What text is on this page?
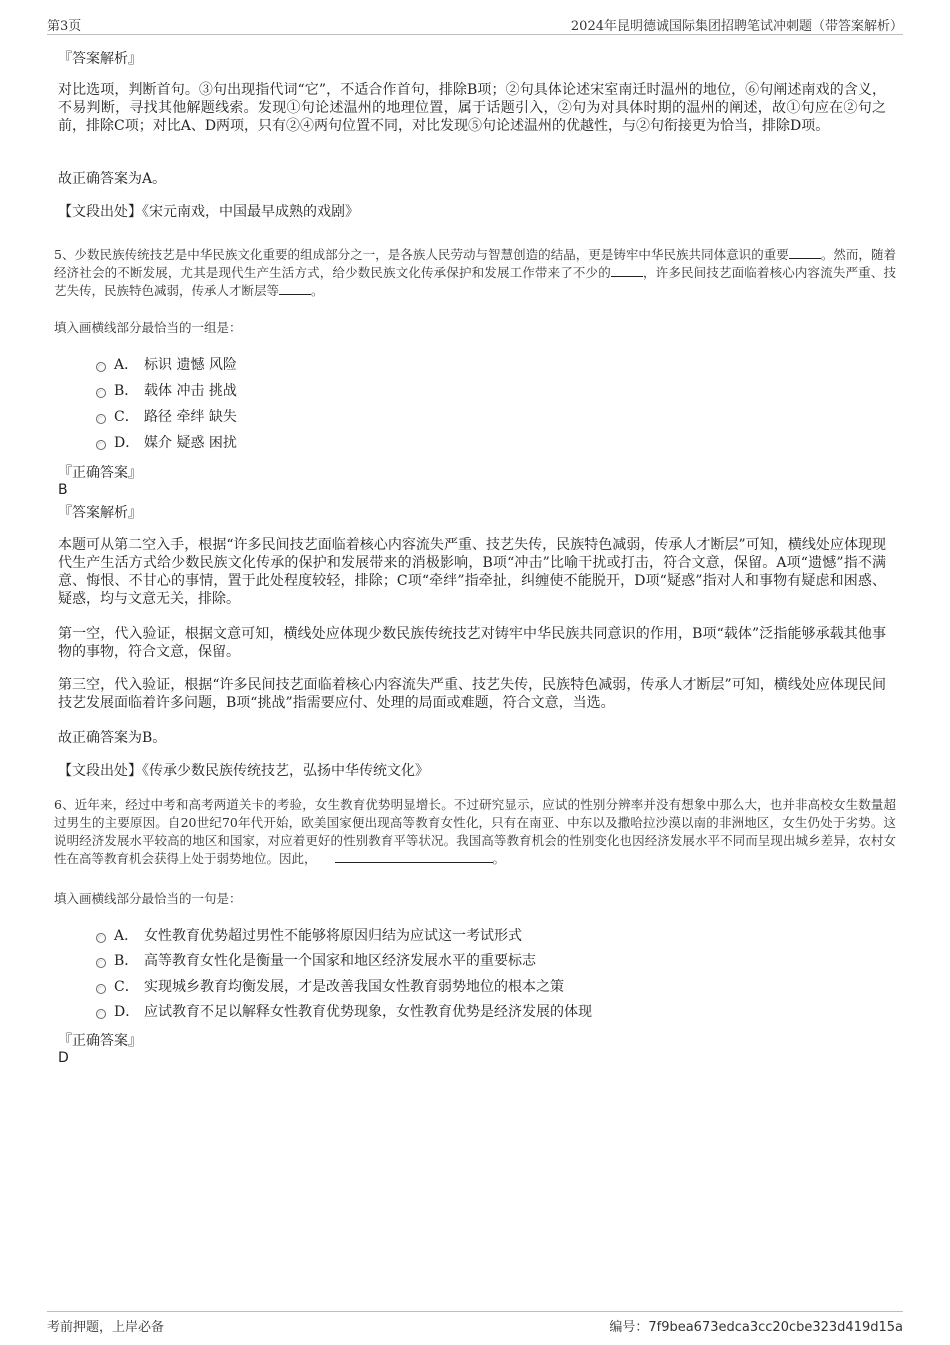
第3页	2024年昆明德诚国际集团招聘笔试冲刺题（带答案解析）
『答案解析』
对比选项，判断首句。③句出现指代词“它”，不适合作首句，排除B项；②句具体论述宋室南迁时温州的地位，⑥句阐述南戏的含义，不易判断，寻找其他解题线索。发现①句论述温州的地理位置，属于话题引入，②句为对具体时期的温州的阐述，故①句应在②句之前，排除C项；对比A、D两项，只有②④两句位置不同，对比发现⑤句论述温州的优越性，与②句衔接更为恰当，排除D项。
故正确答案为A。
【文段出处】《宋元南戏，中国最早成熟的戏剧》
5、少数民族传统技艺是中华民族文化重要的组成部分之一，是各族人民劳动与智慧创造的结晶，更是铸牢中华民族共同体意识的重要	。然而，随着经济社会的不断发展，尤其是现代生产生活方式，给少数民族文化传承保护和发展工作带来了不少的	，许多民间技艺面临着核心内容流失严重、技艺失传，民族特色减弱，传承人才断层等	。
填入画横线部分最恰当的一组是：
A． 标识 遗憾 风险
B． 载体 冲击 挑战
C． 路径 牵绊 缺失
D． 媒介 疑惑 困扰
『正确答案』
B
『答案解析』
本题可从第二空入手，根据“许多民间技艺面临着核心内容流失严重、技艺失传，民族特色减弱，传承人才断层”可知，横线处应体现现代生产生活方式给少数民族文化传承的保护和发展带来的消极影响，B项“冲击”比喻干扰或打击，符合文意，保留。A项“遗憾”指不满意、悔恨、不甘心的事情，置于此处程度较轻，排除；C项“牵绊”指牵扯，纠缠使不能脱开，D项“疑惑”指对人和事物有疑虑和困惑、疑惑，均与文意无关，排除。
第一空，代入验证，根据文意可知，横线处应体现少数民族传统技艺对铸牢中华民族共同意识的作用，B项“载体”泛指能够承载其他事物的事物，符合文意，保留。
第三空，代入验证，根据“许多民间技艺面临着核心内容流失严重、技艺失传，民族特色减弱，传承人才断层”可知，横线处应体现民间技艺发展面临着许多问题，B项“挑战”指需要应付、处理的局面或难题，符合文意，当选。
故正确答案为B。
【文段出处】《传承少数民族传统技艺，弘扬中华传统文化》
6、近年来，经过中考和高考两道关卡的考验，女生教育优势明显增长。不过研究显示，应试的性别分辨率并没有想象中那么大，也并非高校女生数量超过男生的主要原因。自20世纪70年代开始，欧美国家便出现高等教育女性化，只有在南亚、中东以及撒哈拉沙漠以南的非洲地区，女生仍处于劣势。这说明经济发展水平较高的地区和国家，对应着更好的性别教育平等状况。我国高等教育机会的性别变化也因经济发展水平不同而呈现出城乡差异，农村女性在高等教育机会获得上处于弱势地位。因此，	。
填入画横线部分最恰当的一句是：
A． 女性教育优势超过男性不能够将原因归结为应试这一考试形式
B． 高等教育女性化是衡量一个国家和地区经济发展水平的重要标志
C． 实现城乡教育均衡发展，才是改善我国女性教育弱势地位的根本之策
D． 应试教育不足以解释女性教育优势现象，女性教育优势是经济发展的体现
『正确答案』
D
考前押题，上岸必备	编号：7f9bea673edca3cc20cbe323d419d15a
